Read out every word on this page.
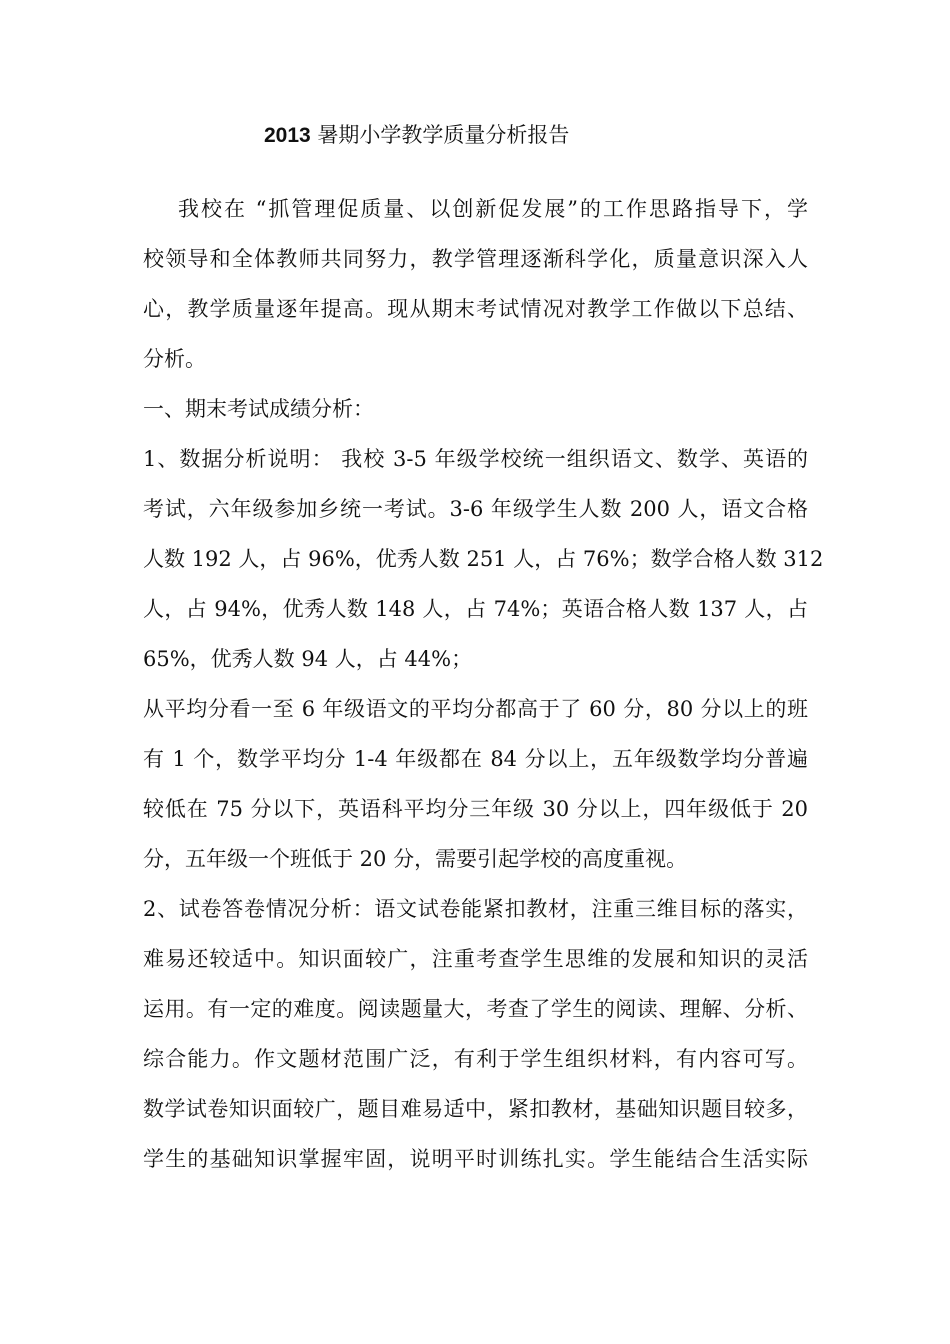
2013 暑期小学教学质量分析报告
我校在 “抓管理促质量、以创新促发展”的工作思路指导下，学
校领导和全体教师共同努力，教学管理逐渐科学化，质量意识深入人
心，教学质量逐年提高。现从期末考试情况对教学工作做以下总结、
分析。
一、期末考试成绩分析：
1、数据分析说明： 我校 3-5 年级学校统一组织语文、数学、英语的
考试，六年级参加乡统一考试。3-6 年级学生人数 200 人，语文合格
人数 192 人，占 96%，优秀人数 251 人，占 76%；数学合格人数 312
人，占 94%，优秀人数 148 人，占 74%；英语合格人数 137 人，占
65%，优秀人数 94 人，占 44%；
从平均分看一至 6 年级语文的平均分都高于了 60 分，80 分以上的班
有 1 个，数学平均分 1-4 年级都在 84 分以上，五年级数学均分普遍
较低在 75 分以下，英语科平均分三年级 30 分以上，四年级低于 20
分，五年级一个班低于 20 分，需要引起学校的高度重视。
2、试卷答卷情况分析：语文试卷能紧扣教材，注重三维目标的落实，
难易还较适中。知识面较广，注重考查学生思维的发展和知识的灵活
运用。有一定的难度。阅读题量大，考查了学生的阅读、理解、分析、
综合能力。作文题材范围广泛，有利于学生组织材料，有内容可写。
数学试卷知识面较广，题目难易适中，紧扣教材，基础知识题目较多，
学生的基础知识掌握牢固，说明平时训练扎实。学生能结合生活实际
